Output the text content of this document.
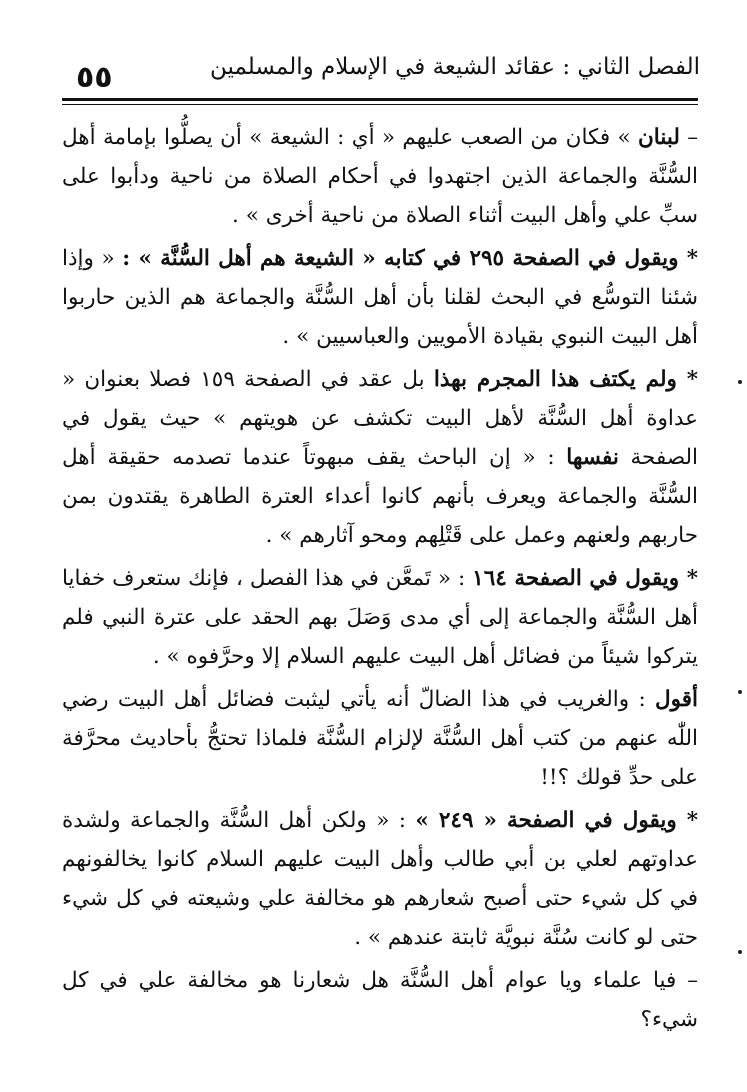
٥٥	الفصل الثاني : عقائد الشيعة في الإسلام والمسلمين

– لبنان » فكان من الصعب عليهم « أي : الشيعة » أن يصلُّوا بإمامة أهل السُّنَّة والجماعة الذين اجتهدوا في أحكام الصلاة من ناحية ودأبوا على سبِّ علي وأهل البيت أثناء الصلاة من ناحية أخرى » .

* ويقول في الصفحة ٢٩٥ في كتابه « الشيعة هم أهل السُّنَّة » : « وإذا شئنا التوسُّع في البحث لقلنا بأن أهل السُّنَّة والجماعة هم الذين حاربوا أهل البيت النبوي بقيادة الأمويين والعباسيين » .

* ولم يكتف هذا المجرم بهذا بل عقد في الصفحة ١٥٩ فصلا بعنوان « عداوة أهل السُّنَّة لأهل البيت تكشف عن هويتهم » حيث يقول في الصفحة نفسها : « إن الباحث يقف مبهوتاً عندما تصدمه حقيقة أهل السُّنَّة والجماعة ويعرف بأنهم كانوا أعداء العترة الطاهرة يقتدون بمن حاربهم ولعنهم وعمل على قَتْلِهم ومحو آثارهم » .

* ويقول في الصفحة ١٦٤ : « تَمعَّن في هذا الفصل ، فإنك ستعرف خفايا أهل السُّنَّة والجماعة إلى أي مدى وَصَلَ بهم الحقد على عترة النبي فلم يتركوا شيئاً من فضائل أهل البيت عليهم السلام إلا وحرَّفوه » .

أقول : والغريب في هذا الضالّ أنه يأتي ليثبت فضائل أهل البيت رضي اللّٰه عنهم من كتب أهل السُّنَّة لإلزام السُّنَّة فلماذا تحتجُّ بأحاديث محرَّفة على حدِّ قولك ؟!!

* ويقول في الصفحة « ٢٤٩ » : « ولكن أهل السُّنَّة والجماعة ولشدة عداوتهم لعلي بن أبي طالب وأهل البيت عليهم السلام كانوا يخالفونهم في كل شيء حتى أصبح شعارهم هو مخالفة علي وشيعته في كل شيء حتى لو كانت سُنَّة نبويَّة ثابتة عندهم » .

– فيا علماء ويا عوام أهل السُّنَّة هل شعارنا هو مخالفة علي في كل شيء؟
